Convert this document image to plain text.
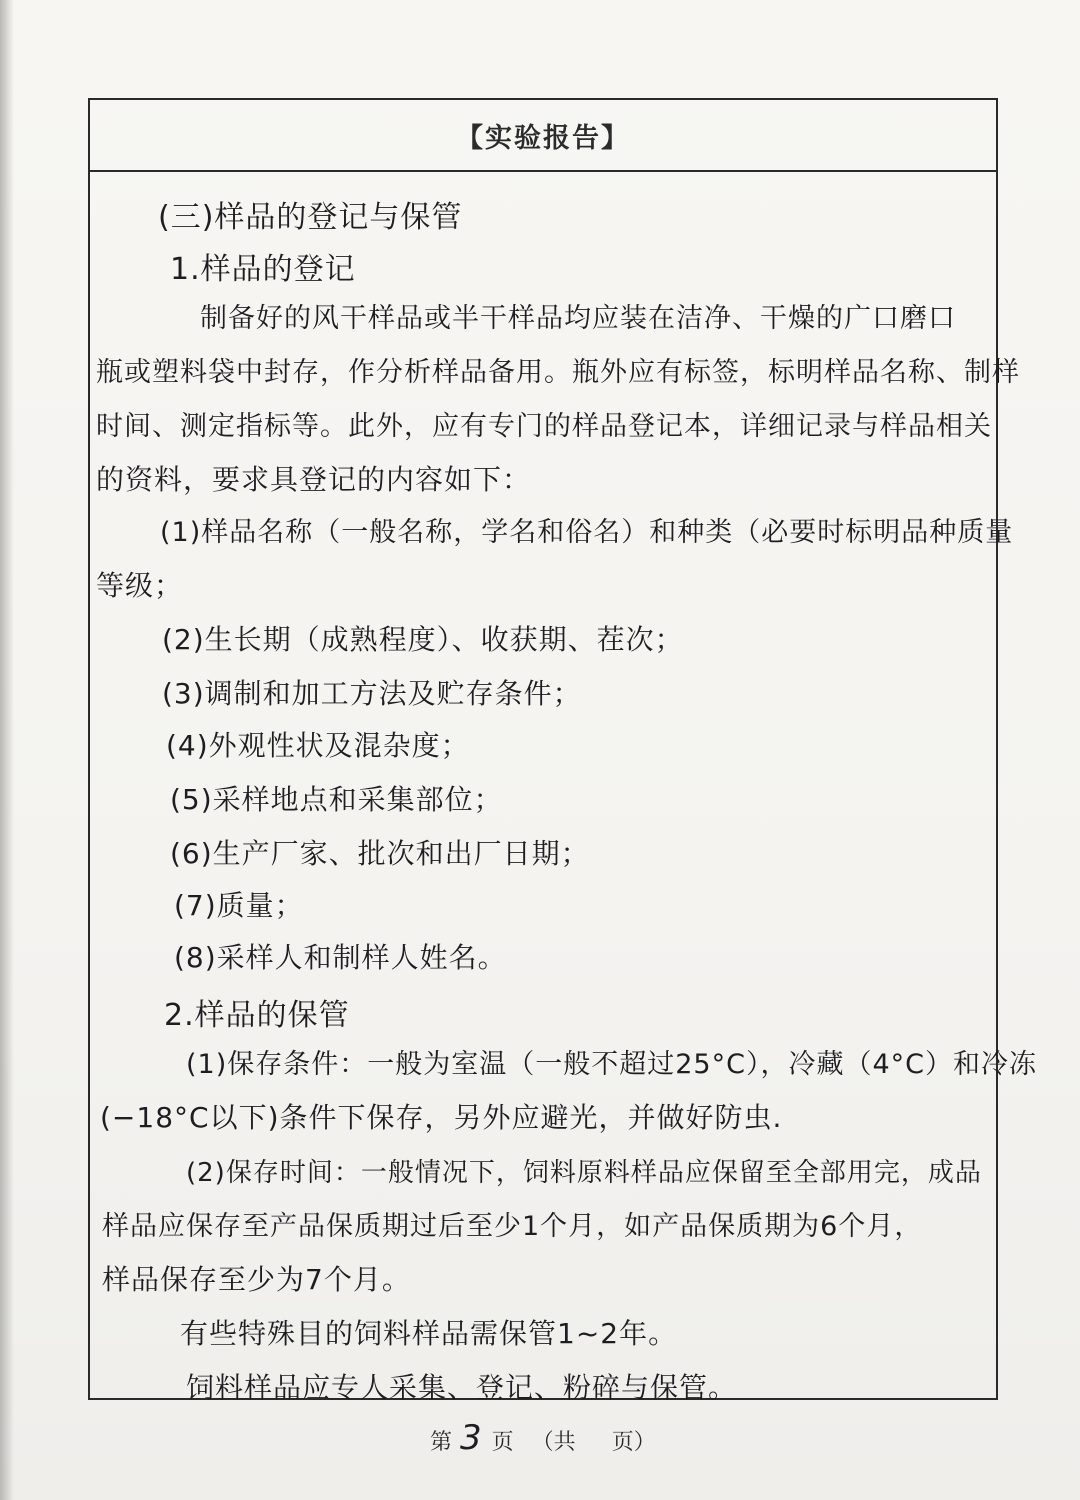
【实验报告】
(三)样品的登记与保管
1.样品的登记
制备好的风干样品或半干样品均应装在洁净、干燥的广口磨口
瓶或塑料袋中封存，作分析样品备用。瓶外应有标签，标明样品名称、制样
时间、测定指标等。此外，应有专门的样品登记本，详细记录与样品相关
的资料，要求具登记的内容如下：
(1)样品名称（一般名称，学名和俗名）和种类（必要时标明品种质量
等级；
(2)生长期（成熟程度）、收获期、茬次；
(3)调制和加工方法及贮存条件；
(4)外观性状及混杂度；
(5)采样地点和采集部位；
(6)生产厂家、批次和出厂日期；
(7)质量；
(8)采样人和制样人姓名。
2.样品的保管
(1)保存条件：一般为室温（一般不超过25°C），冷藏（4°C）和冷冻
(−18°C以下)条件下保存，另外应避光，并做好防虫.
(2)保存时间：一般情况下，饲料原料样品应保留至全部用完，成品
样品应保存至产品保质期过后至少1个月，如产品保质期为6个月，
样品保存至少为7个月。
有些特殊目的饲料样品需保管1~2年。
饲料样品应专人采集、登记、粉碎与保管。
第 3 页 （共 页）
